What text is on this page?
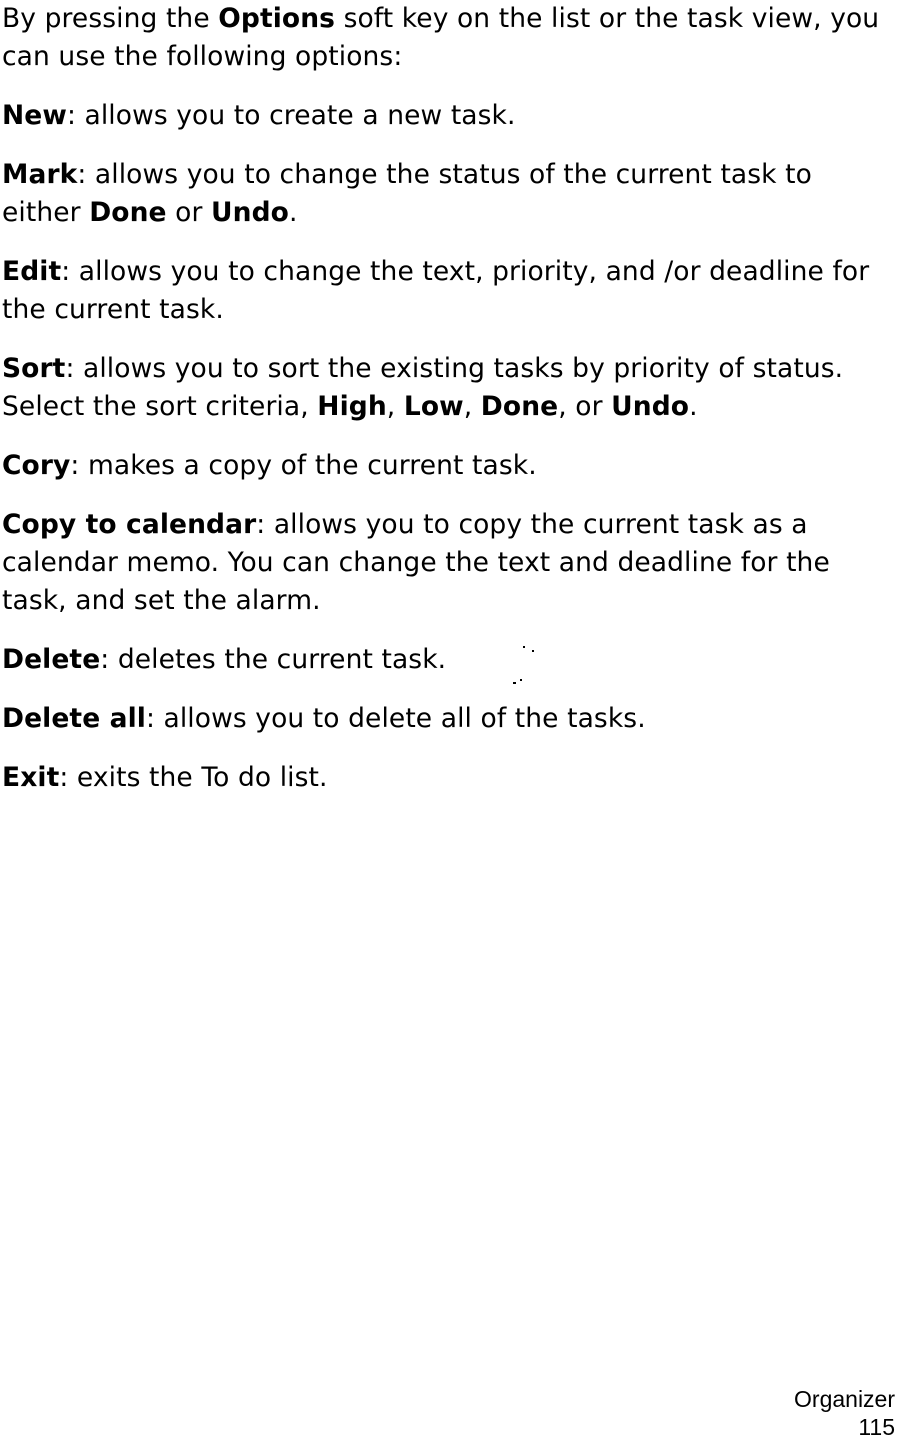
By pressing the Options soft key on the list or the task view, you can use the following options:

New: allows you to create a new task.

Mark: allows you to change the status of the current task to either Done or Undo.

Edit: allows you to change the text, priority, and /or deadline for the current task.

Sort: allows you to sort the existing tasks by priority of status. Select the sort criteria, High, Low, Done, or Undo.

Cory: makes a copy of the current task.

Copy to calendar: allows you to copy the current task as a calendar memo. You can change the text and deadline for the task, and set the alarm.

Delete: deletes the current task.

Delete all: allows you to delete all of the tasks.

Exit: exits the To do list.

Organizer
115
